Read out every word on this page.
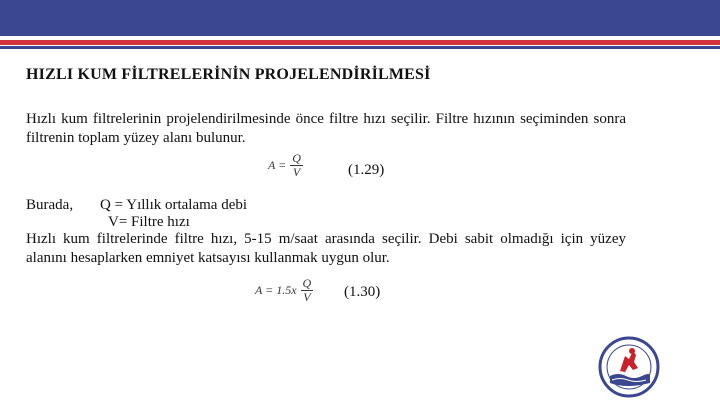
HIZLI KUM FİLTRELERİNİN PROJELENDİRİLMESİ
Hızlı kum filtrelerinin projelendirilmesinde önce filtre hızı seçilir. Filtre hızının seçiminden sonra filtrenin toplam yüzey alanı bulunur.
$A = \frac{Q}{V}$	(1.29)
Burada, Q = Yıllık ortalama debi
V= Filtre hızı
Hızlı kum filtrelerinde filtre hızı, 5-15 m/saat arasında seçilir. Debi sabit olmadığı için yüzey alanını hesaplarken emniyet katsayısı kullanmak uygun olur.
$A = 1.5x \frac{Q}{V} (1.30)$
